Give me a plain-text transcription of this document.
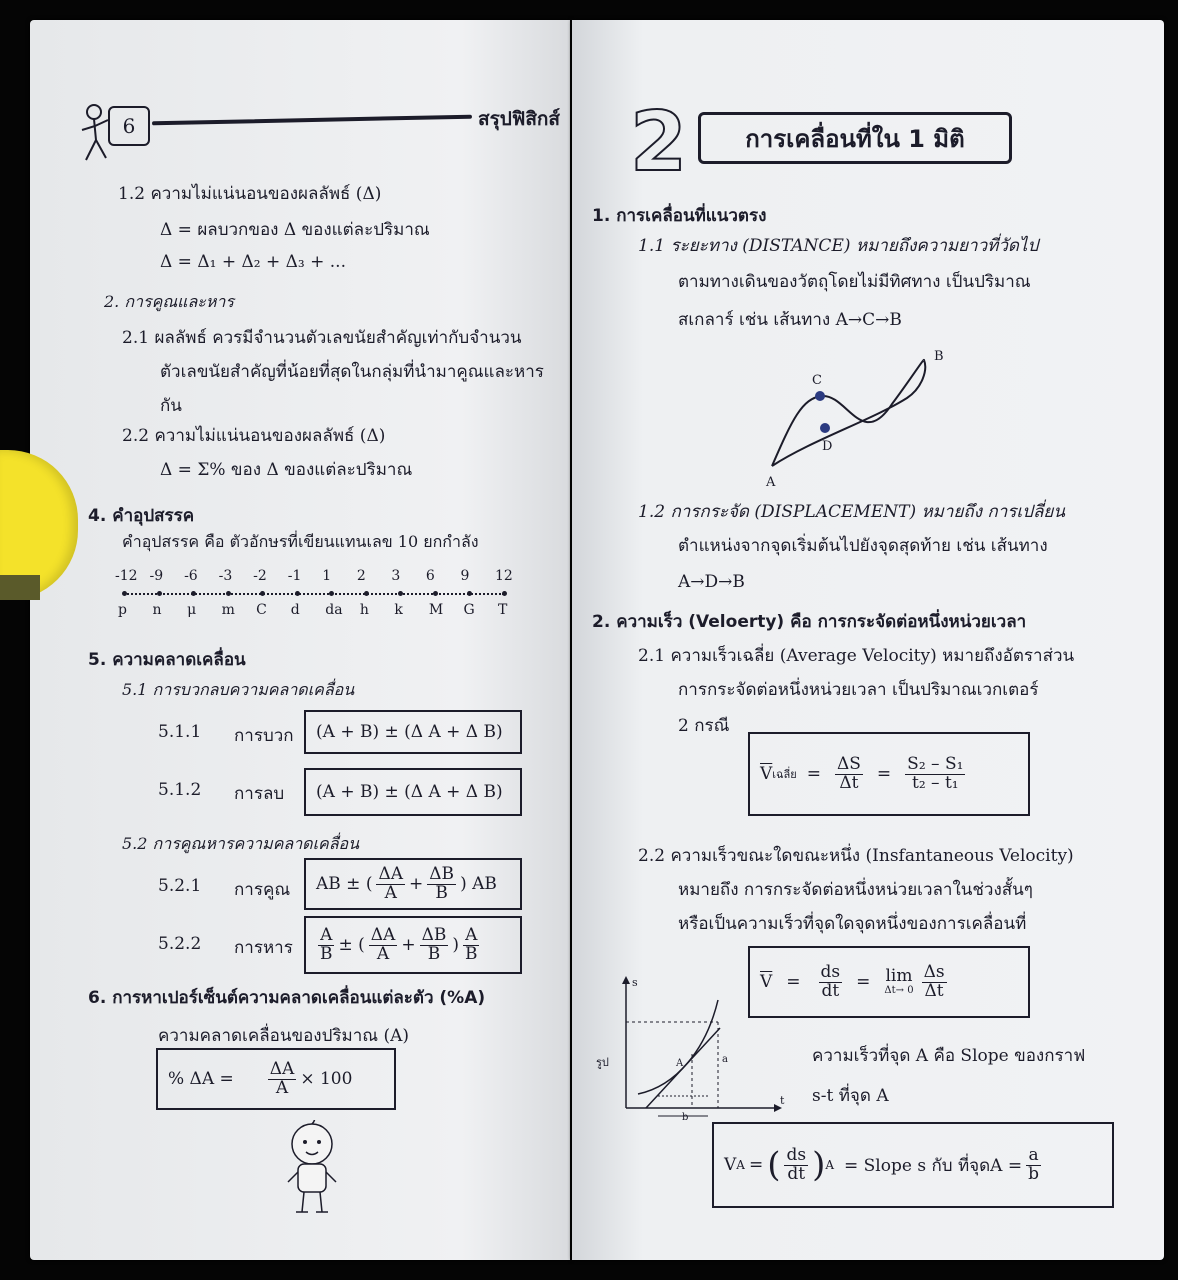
6	สรุปฟิสิกส์
1.2 ความไม่แน่นอนของผลลัพธ์ (Δ)
Δ = ผลบวกของ Δ ของแต่ละปริมาณ
Δ = Δ₁ + Δ₂ + Δ₃ + ...
2. การคูณและหาร
2.1 ผลลัพธ์ ควรมีจำนวนตัวเลขนัยสำคัญเท่ากับจำนวน
ตัวเลขนัยสำคัญที่น้อยที่สุดในกลุ่มที่นำมาคูณและหาร
กัน
2.2 ความไม่แน่นอนของผลลัพธ์ (Δ)
Δ = Σ% ของ Δ ของแต่ละปริมาณ
4. คำอุปสรรค
คำอุปสรรค คือ ตัวอักษรที่เขียนแทนเลข 10 ยกกำลัง
-12
p
-9
n
-6
μ
-3
m
-2
C
-1
d
1
da
2
h
3
k
6
M
9
G
12
T
5. ความคลาดเคลื่อน
5.1 การบวกลบความคลาดเคลื่อน
5.1.1 การบวก (A + B) ± (Δ A + Δ B)
5.1.2 การลบ (A + B) ± (Δ A + Δ B)
5.2 การคูณหารความคลาดเคลื่อน
5.2.1 การคูณ AB ± ( $\frac{\Delta A}{A} + \frac{\Delta B}{B}$ ) AB
5.2.2 การหาร $\frac{A}{B}$ ± ( $\frac{\Delta A}{A} + \frac{\Delta B}{B}$ ) $\frac{A}{B}$
6. การหาเปอร์เซ็นต์ความคลาดเคลื่อนแต่ละตัว (%A)
ความคลาดเคลื่อนของปริมาณ (A)
% $\Delta A = \frac{\Delta A}{A} \times 100$
2 การเคลื่อนที่ใน 1 มิติ
1. การเคลื่อนที่แนวตรง
1.1 ระยะทาง (DISTANCE) หมายถึงความยาวที่วัดไป
ตามทางเดินของวัตถุโดยไม่มีทิศทาง เป็นปริมาณ
สเกลาร์ เช่น เส้นทาง A→C→B
A
B
C
D
1.2 การกระจัด (DISPLACEMENT) หมายถึง การเปลี่ยน
ตำแหน่งจากจุดเริ่มต้นไปยังจุดสุดท้าย เช่น เส้นทาง
A→D→B
2. ความเร็ว (Veloerty) คือ การกระจัดต่อหนึ่งหน่วยเวลา
2.1 ความเร็วเฉลี่ย (Average Velocity) หมายถึงอัตราส่วน
การกระจัดต่อหนึ่งหน่วยเวลา เป็นปริมาณเวกเตอร์
2 กรณี
$\overline{V}$ เฉลี่ย = $\frac{\Delta S}{\Delta t} = \frac{\text{S₂ – S₁}}{\text{t₂ – t₁}}$
2.2 ความเร็วขณะใดขณะหนึ่ง (Insfantaneous Velocity)
หมายถึง การกระจัดต่อหนึ่งหน่วยเวลาในช่วงสั้นๆ
หรือเป็นความเร็วที่จุดใดจุดหนึ่งของการเคลื่อนที่
$\overline{V} = \frac{ds}{dt} = \lim$
$\Delta t\to 0 \frac{\Delta s}{\Delta t}$
s
t
a
b
A
รูป	ความเร็วที่จุด A คือ Slope ของกราฟ
s-t ที่จุด A
V A = ( $\frac{ds}{dt}$ ) A = Slope s กับ ที่จุด$A = \frac{a}{b}$
